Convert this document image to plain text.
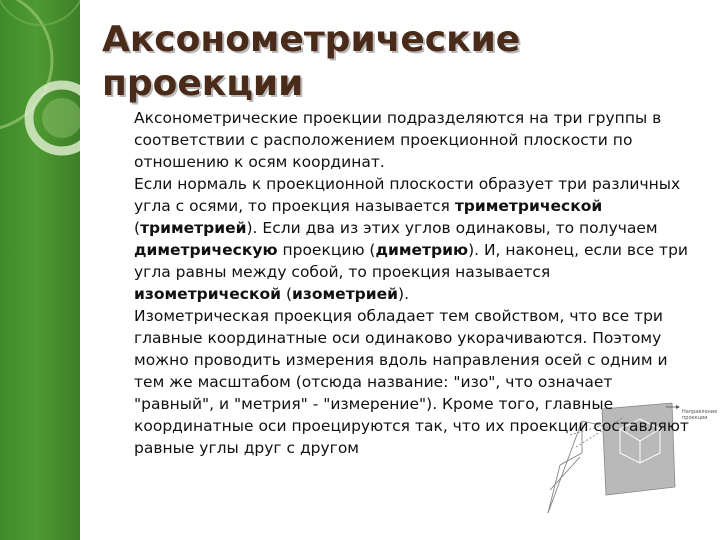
Аксонометрические
проекции
Направление
проекции

Аксонометрические проекции подразделяются на три группы в соответствии с расположением проекционной плоскости по отношению к осям координат.

Если нормаль к проекционной плоскости образует три различных угла с осями, то проекция называется триметрической (триметрией). Если два из этих углов одинаковы, то получаем диметрическую проекцию (диметрию). И, наконец, если все три угла равны между собой, то проекция называется изометрической (изометрией).

Изометрическая проекция обладает тем свойством, что все три главные координатные оси одинаково укорачиваются. Поэтому можно проводить измерения вдоль направления осей с одним и тем же масштабом (отсюда название: "изо", что означает "равный", и "метрия" - "измерение"). Кроме того, главные координатные оси проецируются так, что их проекции составляют равные углы друг с другом
